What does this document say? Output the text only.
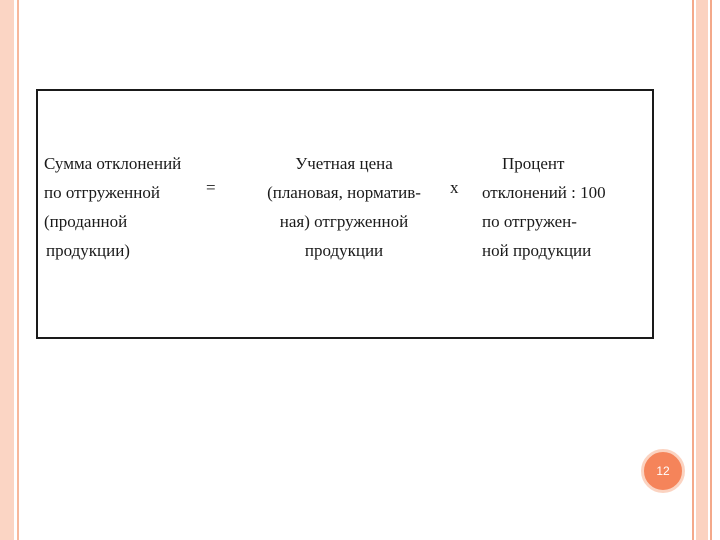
Сумма отклонений
по отгруженной
(проданной
продукции)
=
Учетная цена
(плановая, норматив-
ная) отгруженной
продукции
х
Процент
отклонений : 100
по отгружен-
ной продукции
12
